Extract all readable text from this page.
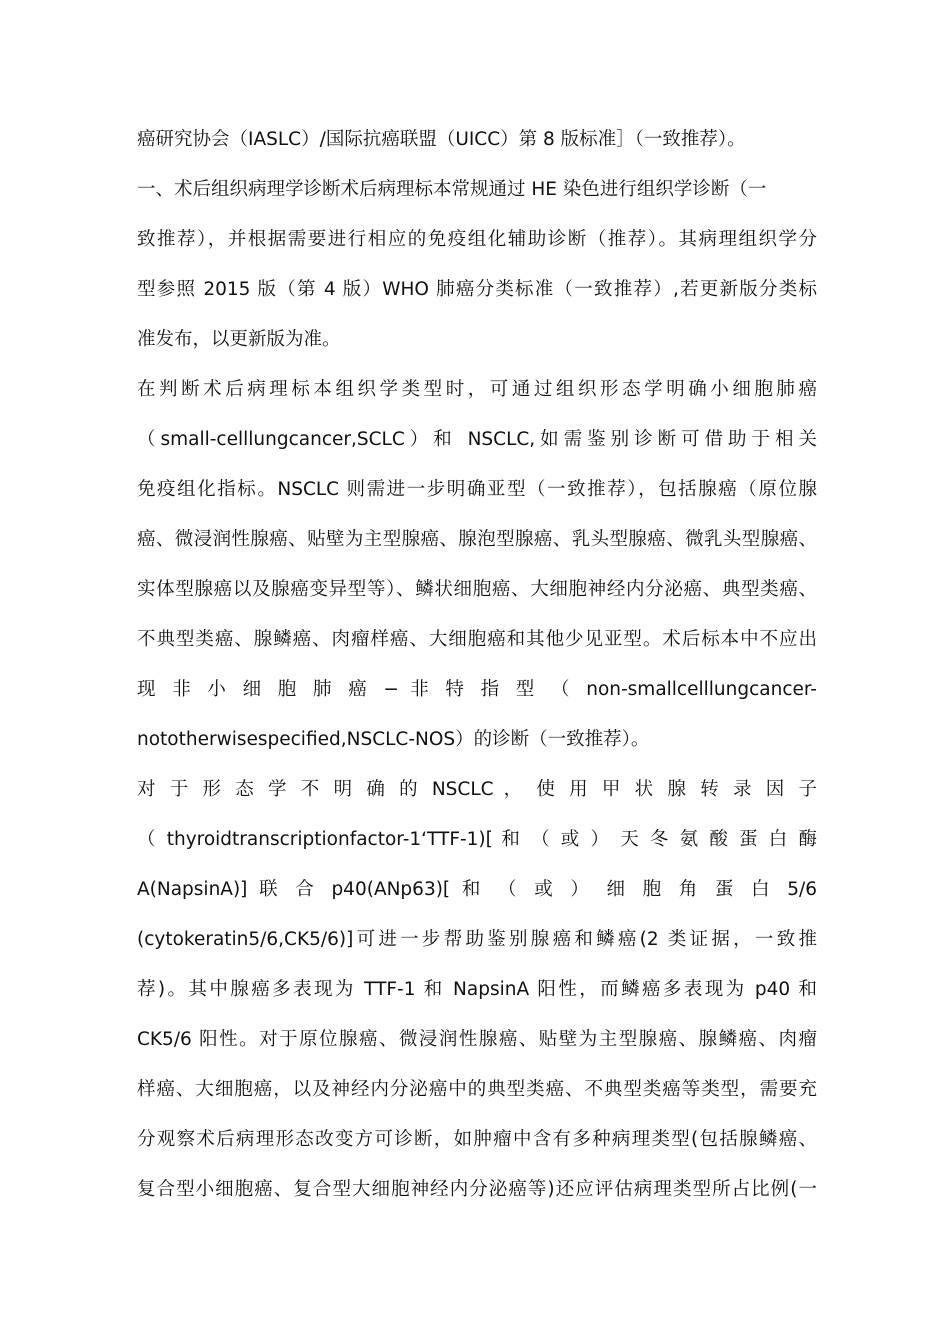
癌研究协会（IASLC）/国际抗癌联盟（UICC）第 8 版标准］（一致推荐）。
一、术后组织病理学诊断术后病理标本常规通过 HE 染色进行组织学诊断（一
致推荐），并根据需要进行相应的免疫组化辅助诊断（推荐）。其病理组织学分
型参照 2015 版（第 4 版）WHO 肺癌分类标准（一致推荐）,若更新版分类标
准发布，以更新版为准。
在判断术后病理标本组织学类型时，可通过组织形态学明确小细胞肺癌
（small-celllungcancer,SCLC）和 NSCLC,如需鉴别诊断可借助于相关
免疫组化指标。NSCLC 则需进一步明确亚型（一致推荐），包括腺癌（原位腺
癌、微浸润性腺癌、贴壁为主型腺癌、腺泡型腺癌、乳头型腺癌、微乳头型腺癌、
实体型腺癌以及腺癌变异型等）、鳞状细胞癌、大细胞神经内分泌癌、典型类癌、
不典型类癌、腺鳞癌、肉瘤样癌、大细胞癌和其他少见亚型。术后标本中不应出
现 非 小 细 胞 肺 癌 − 非 特 指 型 （ non-smallcelllungcancer-
nototherwisespecified,NSCLC-NOS）的诊断（一致推荐）。
对 于 形 态 学 不 明 确 的 NSCLC ， 使 用 甲 状 腺 转 录 因 子
（ thyroidtranscriptionfactor-1‘TTF-1)[ 和 （ 或 ） 天 冬 氨 酸 蛋 白 酶
A(NapsinA)] 联 合 p40(ANp63)[ 和 （ 或 ） 细 胞 角 蛋 白 5/6
(cytokeratin5/6,CK5/6)]可进一步帮助鉴别腺癌和鳞癌(2 类证据，一致推
荐)。其中腺癌多表现为 TTF-1 和 NapsinA 阳性，而鳞癌多表现为 p40 和
CK5/6 阳性。对于原位腺癌、微浸润性腺癌、贴壁为主型腺癌、腺鳞癌、肉瘤
样癌、大细胞癌，以及神经内分泌癌中的典型类癌、不典型类癌等类型，需要充
分观察术后病理形态改变方可诊断，如肿瘤中含有多种病理类型(包括腺鳞癌、
复合型小细胞癌、复合型大细胞神经内分泌癌等)还应评估病理类型所占比例(一
